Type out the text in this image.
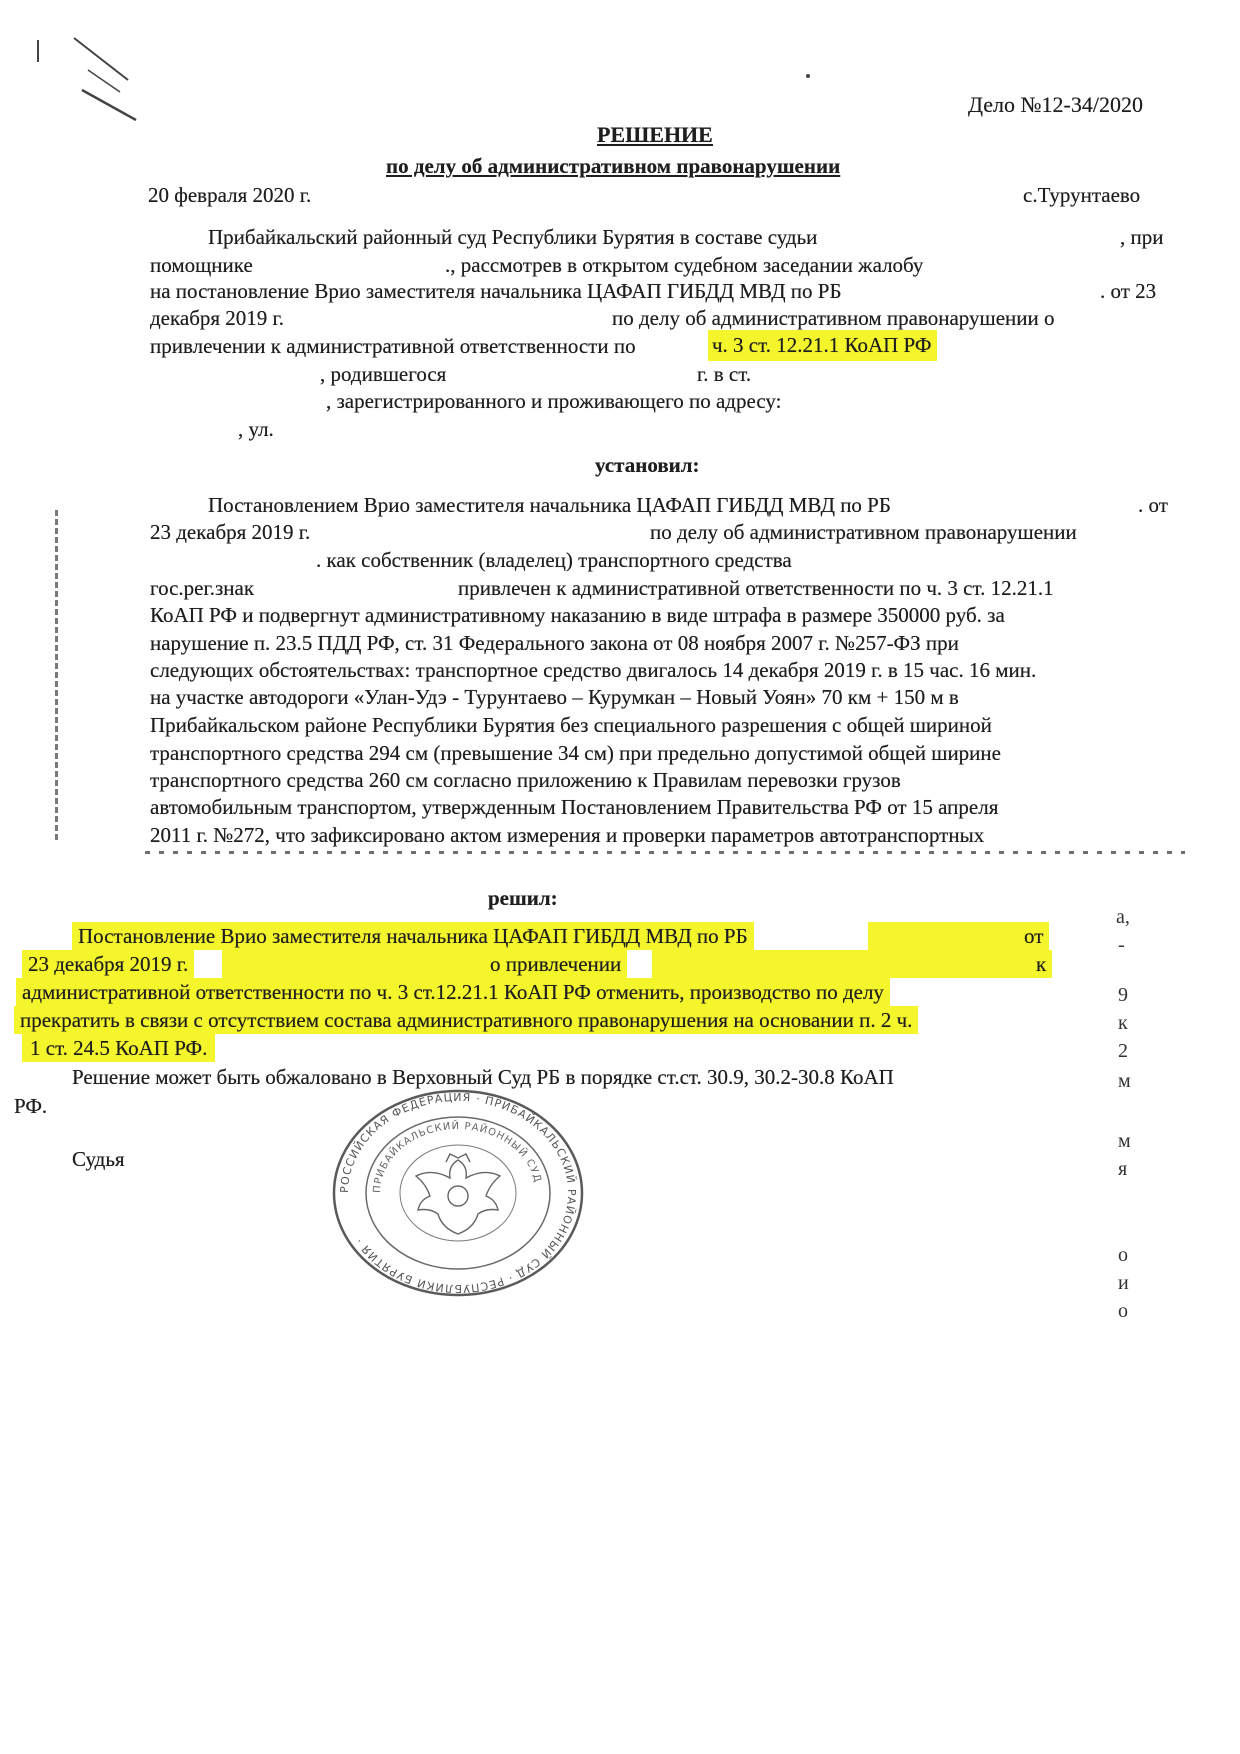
Дело №12-34/2020

РЕШЕНИЕ

по делу об административном правонарушении

20 февраля 2020 г.	с.Турунтаево

Прибайкальский районный суд Республики Бурятия в составе судьи	, при

помощнике	., рассмотрев в открытом судебном заседании жалобу

на постановление Врио заместителя начальника ЦАФАП ГИБДД МВД по РБ	. от 23

декабря 2019 г.	по делу об административном правонарушении о

привлечении к административной ответственности по	ч. 3 ст. 12.21.1 КоАП РФ

, родившегося	г. в ст.

, зарегистрированного и проживающего по адресу:

, ул.

установил:

Постановлением Врио заместителя начальника ЦАФАП ГИБДД МВД по РБ	. от

23 декабря 2019 г.	по делу об административном правонарушении

. как собственник (владелец) транспортного средства

гос.рег.знак	привлечен к административной ответственности по ч. 3 ст. 12.21.1

КоАП РФ и подвергнут административному наказанию в виде штрафа в размере 350000 руб. за

нарушение п. 23.5 ПДД РФ, ст. 31 Федерального закона от 08 ноября 2007 г. №257-ФЗ при

следующих обстоятельствах: транспортное средство двигалось 14 декабря 2019 г. в 15 час. 16 мин.

на участке автодороги «Улан-Удэ - Турунтаево – Курумкан – Новый Уоян» 70 км + 150 м в

Прибайкальском районе Республики Бурятия без специального разрешения с общей шириной

транспортного средства 294 см (превышение 34 см) при предельно допустимой общей ширине

транспортного средства 260 см согласно приложению к Правилам перевозки грузов

автомобильным транспортом, утвержденным Постановлением Правительства РФ от 15 апреля

2011 г. №272, что зафиксировано актом измерения и проверки параметров автотранспортных

решил:

Постановление Врио заместителя начальника ЦАФАП ГИБДД МВД по РБ

	от

23 декабря 2019 г.

	о привлечении

	к

административной ответственности по ч. 3 ст.12.21.1 КоАП РФ отменить, производство по делу

прекратить в связи с отсутствием состава административного правонарушения на основании п. 2 ч.

1 ст. 24.5 КоАП РФ.

Решение может быть обжаловано в Верховный Суд РБ в порядке ст.ст. 30.9, 30.2-30.8 КоАП

РФ.

а,

-

9

к

2

м

м

я

о

и

о

Судья

РОССИЙСКАЯ ФЕДЕРАЦИЯ · ПРИБАЙКАЛЬСКИЙ РАЙОННЫЙ СУД · РЕСПУБЛИКИ БУРЯТИЯ ·
ПРИБАЙКАЛЬСКИЙ РАЙОННЫЙ СУД
